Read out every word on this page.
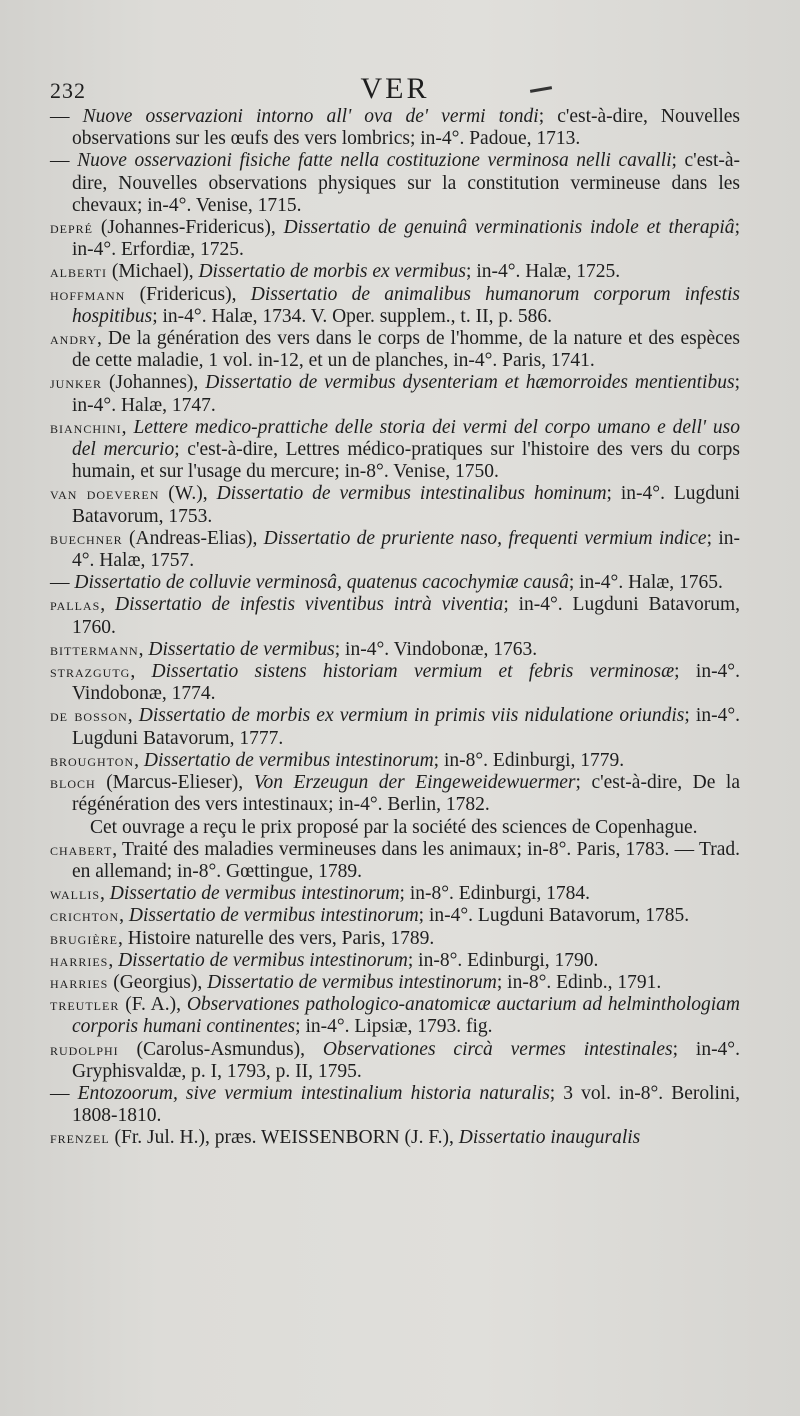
232	VER
— Nuove osservazioni intorno all' ova de' vermi tondi; c'est-à-dire, Nouvelles observations sur les œufs des vers lombrics; in-4°. Padoue, 1713.
— Nuove osservazioni fisiche fatte nella costituzione verminosa nelli cavalli; c'est-à-dire, Nouvelles observations physiques sur la constitution vermineuse dans les chevaux; in-4°. Venise, 1715.
depré (Johannes-Fridericus), Dissertatio de genuinâ verminationis indole et therapiâ; in-4°. Erfordiæ, 1725.
alberti (Michael), Dissertatio de morbis ex vermibus; in-4°. Halæ, 1725.
hoffmann (Fridericus), Dissertatio de animalibus humanorum corporum infestis hospitibus; in-4°. Halæ, 1734. V. Oper. supplem., t. II, p. 586.
andry, De la génération des vers dans le corps de l'homme, de la nature et des espèces de cette maladie, 1 vol. in-12, et un de planches, in-4°. Paris, 1741.
junker (Johannes), Dissertatio de vermibus dysenteriam et hæmorroides mentientibus; in-4°. Halæ, 1747.
bianchini, Lettere medico-prattiche delle storia dei vermi del corpo umano e dell' uso del mercurio; c'est-à-dire, Lettres médico-pratiques sur l'histoire des vers du corps humain, et sur l'usage du mercure; in-8°. Venise, 1750.
van doeveren (W.), Dissertatio de vermibus intestinalibus hominum; in-4°. Lugduni Batavorum, 1753.
buechner (Andreas-Elias), Dissertatio de pruriente naso, frequenti vermium indice; in-4°. Halæ, 1757.
— Dissertatio de colluvie verminosâ, quatenus cacochymiæ causâ; in-4°. Halæ, 1765.
pallas, Dissertatio de infestis viventibus intrà viventia; in-4°. Lugduni Batavorum, 1760.
bittermann, Dissertatio de vermibus; in-4°. Vindobonæ, 1763.
strazgutg, Dissertatio sistens historiam vermium et febris verminosæ; in-4°. Vindobonæ, 1774.
de bosson, Dissertatio de morbis ex vermium in primis viis nidulatione oriundis; in-4°. Lugduni Batavorum, 1777.
broughton, Dissertatio de vermibus intestinorum; in-8°. Edinburgi, 1779.
bloch (Marcus-Elieser), Von Erzeugun der Eingeweidewuermer; c'est-à-dire, De la régénération des vers intestinaux; in-4°. Berlin, 1782.
Cet ouvrage a reçu le prix proposé par la société des sciences de Copenhague.
chabert, Traité des maladies vermineuses dans les animaux; in-8°. Paris, 1783. — Trad. en allemand; in-8°. Gœttingue, 1789.
wallis, Dissertatio de vermibus intestinorum; in-8°. Edinburgi, 1784.
crichton, Dissertatio de vermibus intestinorum; in-4°. Lugduni Batavorum, 1785.
brugière, Histoire naturelle des vers, Paris, 1789.
harries, Dissertatio de vermibus intestinorum; in-8°. Edinburgi, 1790.
harries (Georgius), Dissertatio de vermibus intestinorum; in-8°. Edinb., 1791.
treutler (F. A.), Observationes pathologico-anatomicæ auctarium ad helminthologiam corporis humani continentes; in-4°. Lipsiæ, 1793. fig.
rudolphi (Carolus-Asmundus), Observationes circà vermes intestinales; in-4°. Gryphisvaldæ, p. I, 1793, p. II, 1795.
— Entozoorum, sive vermium intestinalium historia naturalis; 3 vol. in-8°. Berolini, 1808-1810.
frenzel (Fr. Jul. H.), præs. WEISSENBORN (J. F.), Dissertatio inauguralis
